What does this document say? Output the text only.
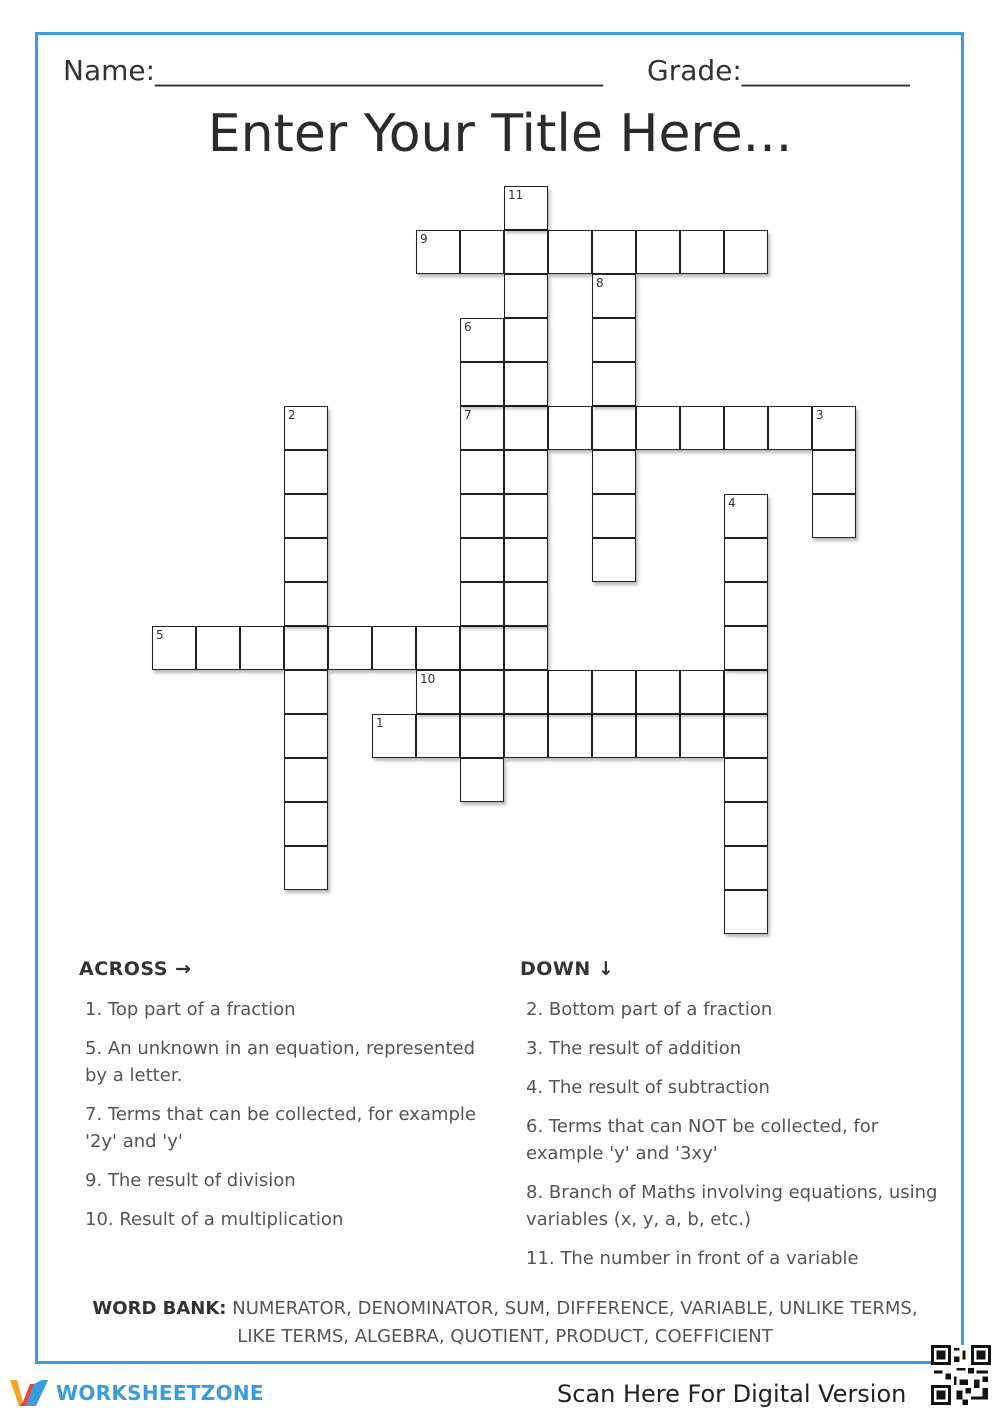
Name:________________________________ Grade:____________
Enter Your Title Here...
1
5
7	3
9
10
2
4
6
8
11
ACROSS →
1. Top part of a fraction
5. An unknown in an equation, represented by a letter.
7. Terms that can be collected, for example '2y' and 'y'
9. The result of division
10. Result of a multiplication
DOWN ↓
2. Bottom part of a fraction
3. The result of addition
4. The result of subtraction
6. Terms that can NOT be collected, for example 'y' and '3xy'
8. Branch of Maths involving equations, using variables (x, y, a, b, etc.)
11. The number in front of a variable
WORD BANK: NUMERATOR, DENOMINATOR, SUM, DIFFERENCE, VARIABLE, UNLIKE TERMS, LIKE TERMS, ALGEBRA, QUOTIENT, PRODUCT, COEFFICIENT
WORKSHEETZONE	Scan Here For Digital Version
